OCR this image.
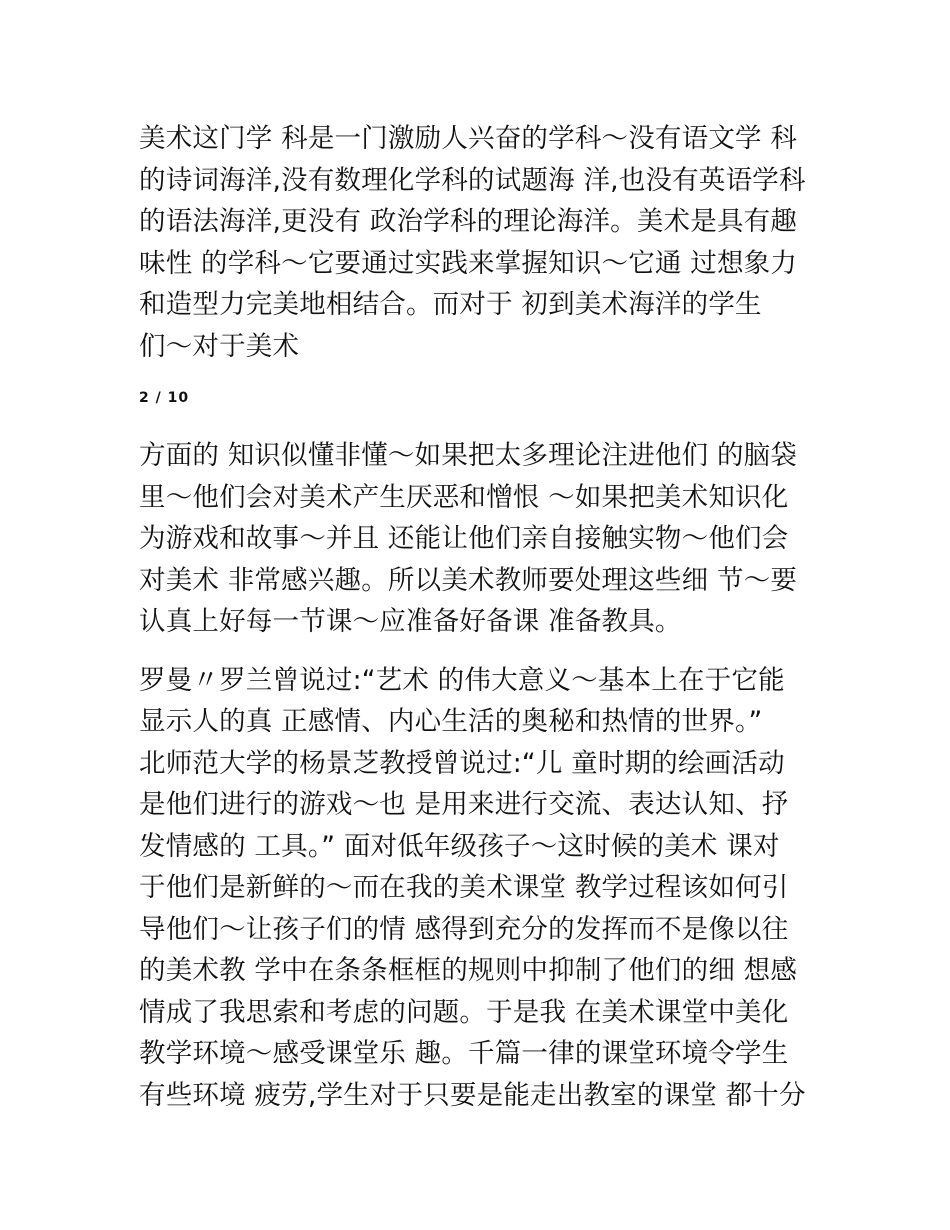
美术这门学 科是一门激励人兴奋的学科～没有语文学 科
的诗词海洋,没有数理化学科的试题海 洋,也没有英语学科
的语法海洋,更没有 政治学科的理论海洋。美术是具有趣
味性 的学科～它要通过实践来掌握知识～它通 过想象力
和造型力完美地相结合。而对于 初到美术海洋的学生
们～对于美术

2 / 10

方面的 知识似懂非懂～如果把太多理论注进他们 的脑袋
里～他们会对美术产生厌恶和憎恨 ～如果把美术知识化
为游戏和故事～并且 还能让他们亲自接触实物～他们会
对美术 非常感兴趣。所以美术教师要处理这些细 节～要
认真上好每一节课～应准备好备课 准备教具。

罗曼〃罗兰曾说过:“艺术 的伟大意义～基本上在于它能
显示人的真 正感情、内心生活的奥秘和热情的世界。”
北师范大学的杨景芝教授曾说过:“儿 童时期的绘画活动
是他们进行的游戏～也 是用来进行交流、表达认知、抒
发情感的 工具。” 面对低年级孩子～这时候的美术 课对
于他们是新鲜的～而在我的美术课堂 教学过程该如何引
导他们～让孩子们的情 感得到充分的发挥而不是像以往
的美术教 学中在条条框框的规则中抑制了他们的细 想感
情成了我思索和考虑的问题。于是我 在美术课堂中美化
教学环境～感受课堂乐 趣。千篇一律的课堂环境令学生
有些环境 疲劳,学生对于只要是能走出教室的课堂 都十分
